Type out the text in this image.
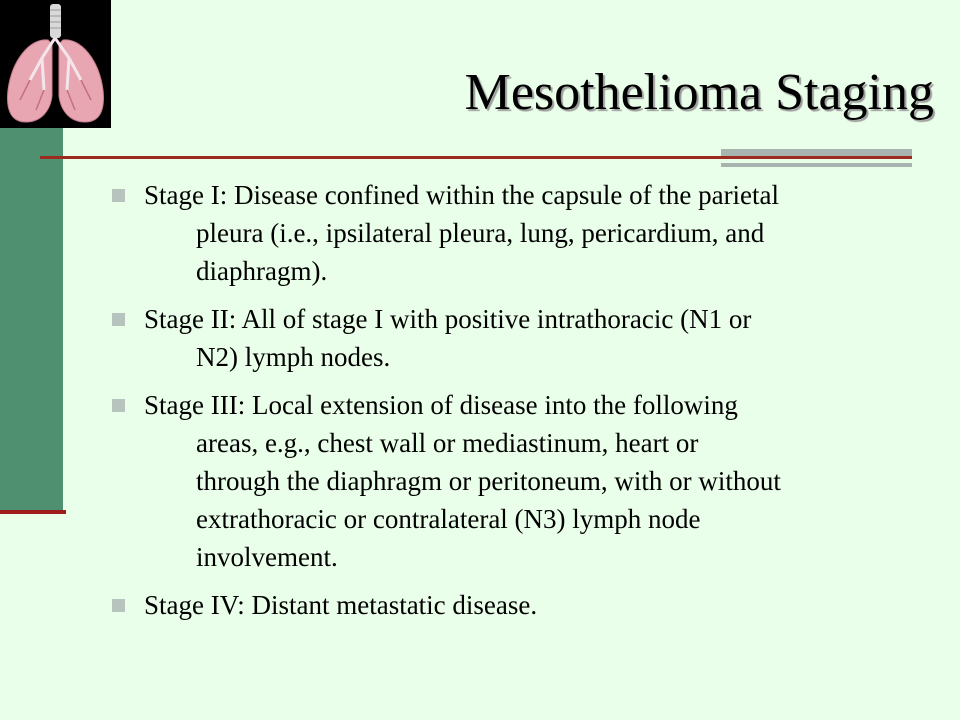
Mesothelioma Staging
Stage I: Disease confined within the capsule of the parietal
pleura (i.e., ipsilateral pleura, lung, pericardium, and
diaphragm).
Stage II: All of stage I with positive intrathoracic (N1 or
N2) lymph nodes.
Stage III: Local extension of disease into the following
areas, e.g., chest wall or mediastinum, heart or
through the diaphragm or peritoneum, with or without
extrathoracic or contralateral (N3) lymph node
involvement.
Stage IV: Distant metastatic disease.
